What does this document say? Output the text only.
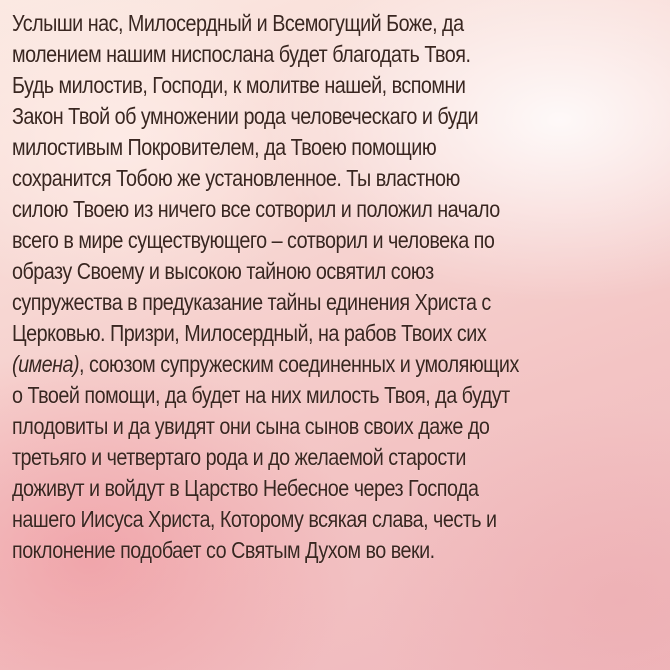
Услыши нас, Милосердный и Всемогущий Боже, да
молением нашим ниспослана будет благодать Твоя.
Будь милостив, Господи, к молитве нашей, вспомни
Закон Твой об умножении рода человеческаго и буди
милостивым Покровителем, да Твоею помощию
сохранится Тобою же установленное. Ты властною
силою Твоею из ничего все сотворил и положил начало
всего в мире существующего – сотворил и человека по
образу Своему и высокою тайною освятил союз
супружества в предуказание тайны единения Христа с
Церковью. Призри, Милосердный, на рабов Твоих сих
(имена), союзом супружеским соединенных и умоляющих
о Твоей помощи, да будет на них милость Твоя, да будут
плодовиты и да увидят они сына сынов своих даже до
третьяго и четвертаго рода и до желаемой старости
доживут и войдут в Царство Небесное через Господа
нашего Иисуса Христа, Которому всякая слава, честь и
поклонение подобает со Святым Духом во веки.
